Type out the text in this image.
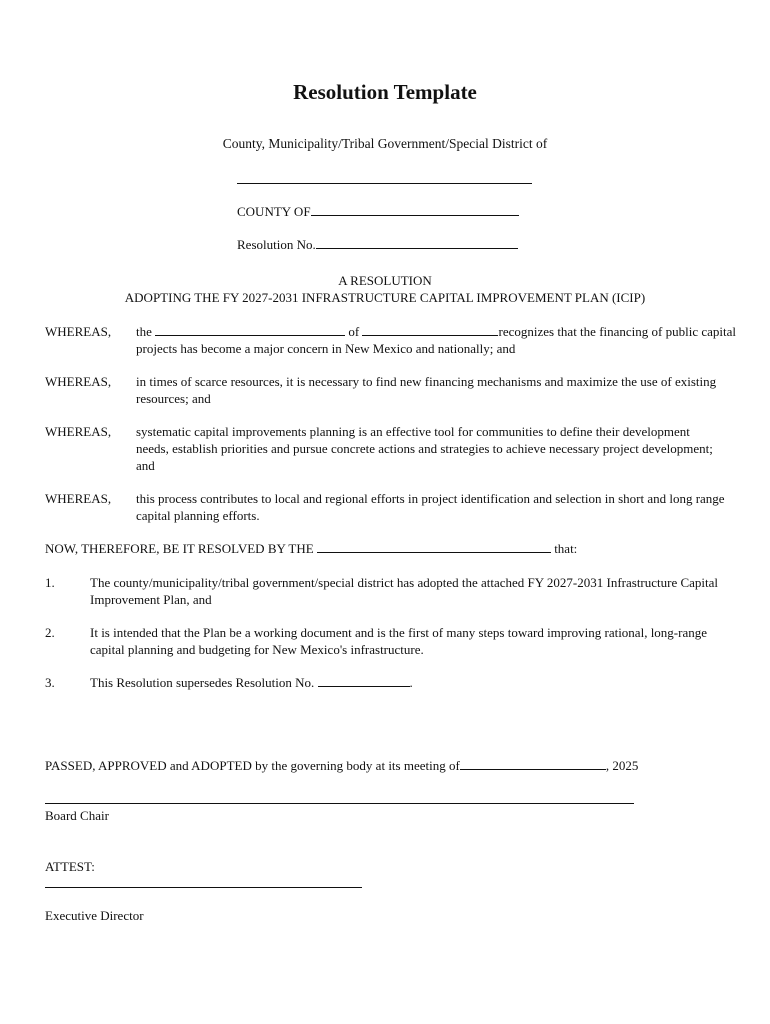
Resolution Template
County, Municipality/Tribal Government/Special District of
COUNTY OF
Resolution No.
A RESOLUTION
ADOPTING THE FY 2027-2031 INFRASTRUCTURE CAPITAL IMPROVEMENT PLAN (ICIP)
WHEREAS, the	of	recognizes that the financing of public capital projects has become a major concern in New Mexico and nationally; and
WHEREAS, in times of scarce resources, it is necessary to find new financing mechanisms and maximize the use of existing resources; and
WHEREAS, systematic capital improvements planning is an effective tool for communities to define their development needs, establish priorities and pursue concrete actions and strategies to achieve necessary project development; and
WHEREAS, this process contributes to local and regional efforts in project identification and selection in short and long range capital planning efforts.
NOW, THEREFORE, BE IT RESOLVED BY THE	that:
1.	The county/municipality/tribal government/special district has adopted the attached FY 2027-2031 Infrastructure Capital Improvement Plan, and
2.	It is intended that the Plan be a working document and is the first of many steps toward improving rational, long-range capital planning and budgeting for New Mexico's infrastructure.
3.	This Resolution supersedes Resolution No.	.
PASSED, APPROVED and ADOPTED by the governing body at its meeting of	, 2025
Board Chair
ATTEST:
Executive Director
